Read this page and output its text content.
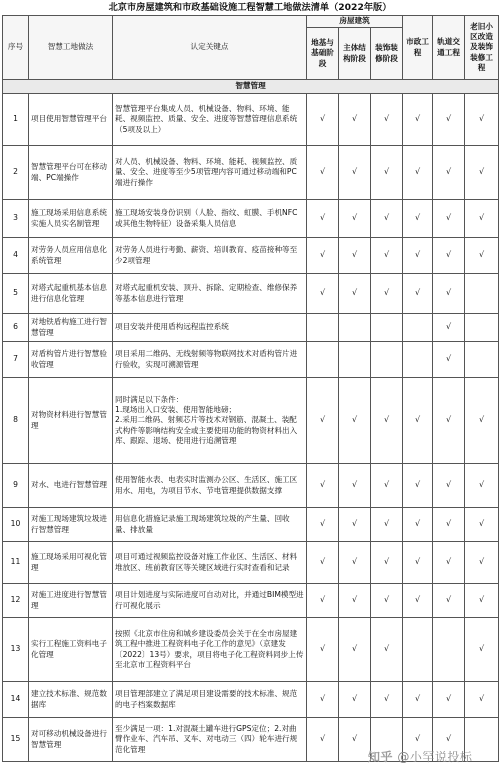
北京市房屋建筑和市政基础设施工程智慧工地做法清单（2022年版）
序号	智慧工地做法	认定关键点	房屋建筑			市政工程	轨道交通工程	老旧小区改造及装饰装修工程
			地基与基础阶段	主体结构阶段	装饰装修阶段			
智慧管理								
1	项目使用智慧管理平台	智慧管理平台集成人员、机械设备、物料、环境、能耗、视频监控、质量、安全、进度等智慧管理信息系统（5项及以上）	√	√	√	√	√	√
2	智慧管理平台可在移动端、PC端操作	对人员、机械设备、物料、环境、能耗、视频监控、质量、安全、进度等至少5项管理内容可通过移动端和PC端进行操作	√	√	√	√	√	√
3	施工现场采用信息系统实施人员实名制管理	施工现场安装身份识别（人脸、指纹、虹膜、手机NFC或其他生物特征）设备采集人员信息	√	√	√	√	√	√
4	对劳务人员应用信息化系统管理	对劳务人员进行考勤、薪资、培训教育、疫苗接种等至少2项管理	√	√	√	√	√	√
5	对塔式起重机基本信息进行信息化管理	对塔式起重机安装、顶升、拆除、定期检查、维修保养等基本信息进行管理	√	√	√	√	√	
6	对地铁盾构施工进行智慧管理	项目安装并使用盾构远程监控系统					√	
7	对盾构管片进行智慧验收管理	项目采用二维码、无线射频等物联网技术对盾构管片进行验收，实现可溯源管理					√	
8	对物资材料进行智慧管理	同时满足以下条件：
1.现场出入口安装、使用智能地磅；
2.采用二维码、射频芯片等技术对钢筋、混凝土、装配式构件等影响结构安全或主要使用功能的物资材料出入库、跟踪、退场、使用进行追溯管理	√	√	√	√	√	√
9	对水、电进行智慧管理	使用智能水表、电表实时监测办公区、生活区、施工区用水、用电，为项目节水、节电管理提供数据支撑	√	√	√	√	√	√
10	对施工现场建筑垃圾进行智慧管理	用信息化措施记录施工现场建筑垃圾的产生量、回收量、排放量	√	√	√	√	√	√
11	施工现场采用可视化管理	项目可通过视频监控设备对施工作业区、生活区、材料堆放区、班前教育区等关键区域进行实时查看和记录	√	√	√	√	√	√
12	对施工进度进行智慧管理	项目计划进度与实际进度可自动对比，并通过BIM模型进行可视化展示	√	√	√	√	√	√
13	实行工程施工资料电子化管理	按照《北京市住房和城乡建设委员会关于在全市房屋建筑工程中推进工程资料电子化工作的意见》（京建发〔2022〕13号）要求，项目将电子化工程资料同步上传至北京市工程资料平台	√	√	√			√
14	建立技术标准、规范数据库	项目管理部建立了满足项目建设需要的技术标准、规范的电子档案数据库	√	√	√	√	√	√
15	对可移动机械设备进行智慧管理	至少满足一项：1.对混凝土罐车进行GPS定位；2.对曲臂作业车、汽车吊、叉车、对电动三（四）轮车进行规范化管理	√	√		√	√	
知乎 @小罕说投标
